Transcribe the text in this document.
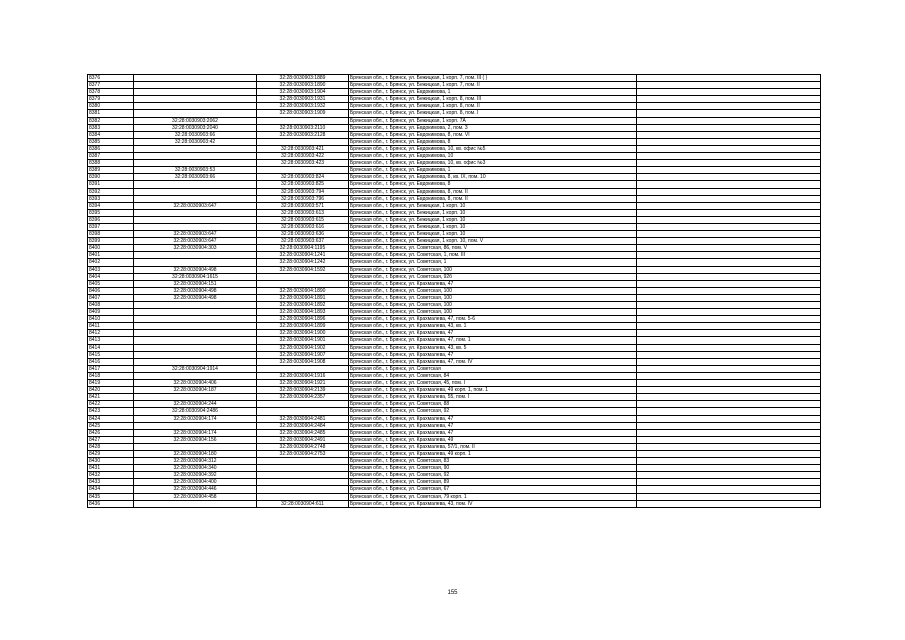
8376		32:28:0030903:1889	Брянская обл., г. Брянск, ул. Бежицкая, 1 корп. 7, пом. III ( )	
8377		32:28:0030903:1890	Брянская обл., г. Брянск, ул. Бежицкая, 1 корп. 7, пом. II	
8378		32:28:0030903:1904	Брянская обл., г. Брянск, ул. Евдокимова, 1	
8379		32:28:0030903:1931	Брянская обл., г. Брянск, ул. Бежицкая, 1 корп. 8, пом. III	
8380		32:28:0030903:1932	Брянская обл., г. Брянск, ул. Бежицкая, 1 корп. 8, пом. II	
8381		32:28:0030903:1909	Брянская обл., г. Брянск, ул. Бежицкая, 1 корп. 8, пом. I	
8382	32:28:0030903:2062		Брянская обл., г. Брянск, ул. Бежицкая, 1 корп. 7А	
8383	32:28:0030903:2040	32:28:0030903:2110	Брянская обл., г. Брянск, ул. Евдокимова, 2, пом. 3	
8384	32:28:0030903:66	32:28:0030903:2128	Брянская обл., г. Брянск, ул. Евдокимова, 8, пом. VI	
8385	32:28:0030903:42		Брянская обл., г. Брянск, ул. Евдокимова, 8	
8386		32:28:0030903:421	Брянская обл., г. Брянск, ул. Евдокимова, 10, кв. офис №5	
8387		32:28:0030903:422	Брянская обл., г. Брянск, ул. Евдокимова, 10	
8388		32:28:0030903:423	Брянская обл., г. Брянск, ул. Евдокимова, 10, кв. офис №3	
8389	32:28:0030903:53		Брянская обл., г. Брянск, ул. Евдокимова, 1	
8390	32:28:0030903:66	32:28:0030903:824	Брянская обл., г. Брянск, ул. Евдокимова, 8, кв. IX, пом. 10	
8391		32:28:0030903:825	Брянская обл., г. Брянск, ул. Евдокимова, 8	
8392		32:28:0030903:794	Брянская обл., г. Брянск, ул. Евдокимова, 8, пом. II	
8393		32:28:0030903:796	Брянская обл., г. Брянск, ул. Евдокимова, 8, пом. II	
8394	32:28:0030903:647	32:28:0030903:571	Брянская обл., г. Брянск, ул. Бежицкая, 1 корп. 10	
8395		32:28:0030903:613	Брянская обл., г. Брянск, ул. Бежицкая, 1 корп. 10	
8396		32:28:0030903:615	Брянская обл., г. Брянск, ул. Бежицкая, 1 корп. 10	
8397		32:28:0030903:616	Брянская обл., г. Брянск, ул. Бежицкая, 1 корп. 10	
8398	32:28:0030903:647	32:28:0030903:636	Брянская обл., г. Брянск, ул. Бежицкая, 1 корп. 10	
8399	32:28:0030903:647	32:28:0030903:637	Брянская обл., г. Брянск, ул. Бежицкая, 1 корп. 10, пом. V	
8400	32:28:0030904:303	32:28:0030904:1195	Брянская обл., г. Брянск, ул. Советская, 86, пом. V	
8401		32:28:0030904:1241	Брянская обл., г. Брянск, ул. Советская, 1, пом. III	
8402		32:28:0030904:1242	Брянская обл., г. Брянск, ул. Советская, 1	
8403	32:28:0030904:498	32:28:0030904:1592	Брянская обл., г. Брянск, ул. Советская, 100	
8404	32:28:0030904:1615		Брянская обл., г. Брянск, ул. Советская, 92б	
8405	32:28:0030904:151		Брянская обл., г. Брянск, ул. Крахмалева, 47	
8406	32:28:0030904:498	32:28:0030904:1890	Брянская обл., г. Брянск, ул. Советская, 100	
8407	32:28:0030904:498	32:28:0030904:1891	Брянская обл., г. Брянск, ул. Советская, 100	
8408		32:28:0030904:1892	Брянская обл., г. Брянск, ул. Советская, 100	
8409		32:28:0030904:1893	Брянская обл., г. Брянск, ул. Советская, 100	
8410		32:28:0030904:1896	Брянская обл., г. Брянск, ул. Крахмалева, 47, пом. 5-6	
8411		32:28:0030904:1899	Брянская обл., г. Брянск, ул. Крахмалева, 43, кв. 1	
8412		32:28:0030904:1900	Брянская обл., г. Брянск, ул. Крахмалева, 47	
8413		32:28:0030904:1901	Брянская обл., г. Брянск, ул. Крахмалева, 47, пом. 1	
8414		32:28:0030904:1902	Брянская обл., г. Брянск, ул. Крахмалева, 43, кв. 5	
8415		32:28:0030904:1907	Брянская обл., г. Брянск, ул. Крахмалева, 47	
8416		32:28:0030904:1908	Брянская обл., г. Брянск, ул. Крахмалева, 47, пом. IV	
8417	32:28:0030904:1914		Брянская обл., г. Брянск, ул. Советская	
8418		32:28:0030904:1916	Брянская обл., г. Брянск, ул. Советская, 84	
8419	32:28:0030904:406	32:28:0030904:1921	Брянская обл., г. Брянск, ул. Советская, 45, пом. I	
8420	32:28:0030904:187	32:28:0030904:2139	Брянская обл., г. Брянск, ул. Крахмалева, 49 корп. 1, пом. 1	
8421		32:28:0030904:2357	Брянская обл., г. Брянск, ул. Крахмалева, 55, пом. I	
8422	32:28:0030904:244		Брянская обл., г. Брянск, ул. Советская, 88	
8423	32:28:0030904:2486		Брянская обл., г. Брянск, ул. Советская, 92	
8424	32:28:0030904:174	32:28:0030904:2481	Брянская обл., г. Брянск, ул. Крахмалева, 47	
8425		32:28:0030904:2484	Брянская обл., г. Брянск, ул. Крахмалева, 47	
8426	32:28:0030904:174	32:28:0030904:2485	Брянская обл., г. Брянск, ул. Крахмалева, 47	
8427	32:28:0030904:156	32:28:0030904:2491	Брянская обл., г. Брянск, ул. Крахмалева, 49	
8428		32:28:0030904:2748	Брянская обл., г. Брянск, ул. Крахмалева, 57/1, пом. II	
8429	32:28:0030904:180	32:28:0030904:2753	Брянская обл., г. Брянск, ул. Крахмалева, 49 корп. 1	
8430	32:28:0030904:312		Брянская обл., г. Брянск, ул. Советская, 83	
8431	32:28:0030904:340		Брянская обл., г. Брянск, ул. Советская, 90	
8432	32:28:0030904:392		Брянская обл., г. Брянск, ул. Советская, 92	
8433	32:28:0030904:400		Брянская обл., г. Брянск, ул. Советская, 89	
8434	32:28:0030904:446		Брянская обл., г. Брянск, ул. Советская, 67	
8435	32:28:0030904:458		Брянская обл., г. Брянск, ул. Советская, 79 корп. 1	
8436		32:28:0030904:611	Брянская обл., г. Брянск, ул. Крахмалева, 43, пом. IV	
155
